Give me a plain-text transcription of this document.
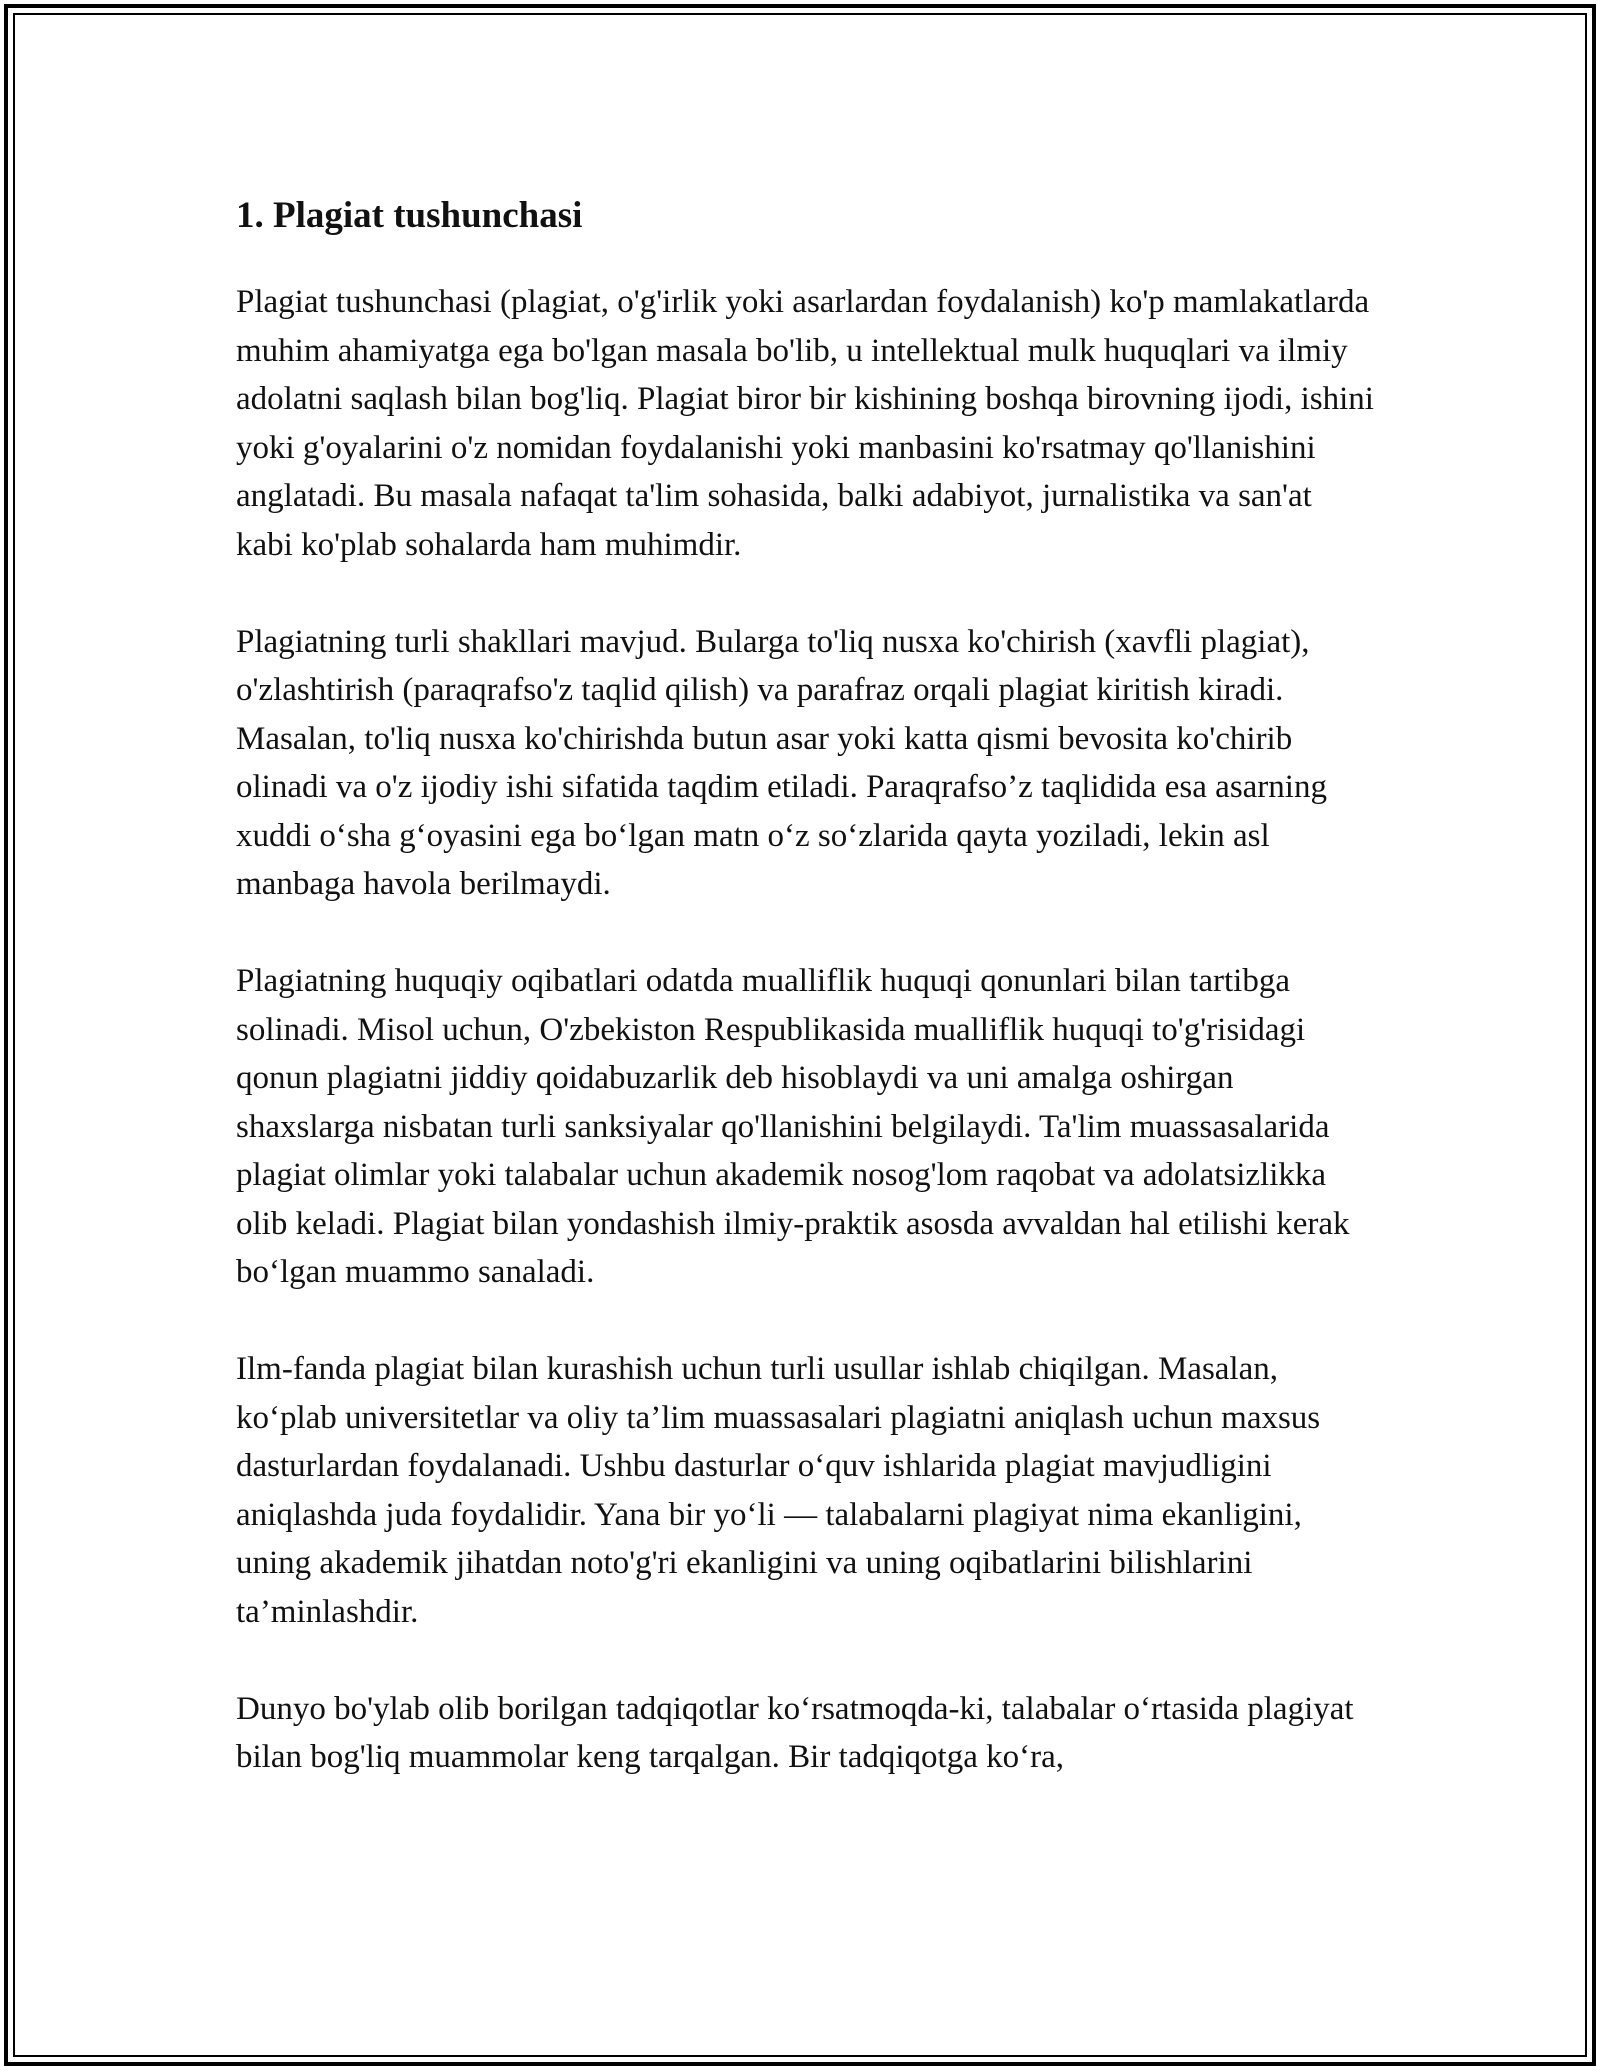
1. Plagiat tushunchasi

Plagiat tushunchasi (plagiat, o'g'irlik yoki asarlardan foydalanish) ko'p mamlakatlarda muhim ahamiyatga ega bo'lgan masala bo'lib, u intellektual mulk huquqlari va ilmiy adolatni saqlash bilan bog'liq. Plagiat biror bir kishining boshqa birovning ijodi, ishini yoki g'oyalarini o'z nomidan foydalanishi yoki manbasini ko'rsatmay qo'llanishini anglatadi. Bu masala nafaqat ta'lim sohasida, balki adabiyot, jurnalistika va san'at kabi ko'plab sohalarda ham muhimdir.

Plagiatning turli shakllari mavjud. Bularga to'liq nusxa ko'chirish (xavfli plagiat), o'zlashtirish (paraqrafso'z taqlid qilish) va parafraz orqali plagiat kiritish kiradi. Masalan, to'liq nusxa ko'chirishda butun asar yoki katta qismi bevosita ko'chirib olinadi va o'z ijodiy ishi sifatida taqdim etiladi. Paraqrafso’z taqlidida esa asarning xuddi o‘sha g‘oyasini ega bo‘lgan matn o‘z so‘zlarida qayta yoziladi, lekin asl manbaga havola berilmaydi.

Plagiatning huquqiy oqibatlari odatda mualliflik huquqi qonunlari bilan tartibga solinadi. Misol uchun, O'zbekiston Respublikasida mualliflik huquqi to'g'risidagi qonun plagiatni jiddiy qoidabuzarlik deb hisoblaydi va uni amalga oshirgan shaxslarga nisbatan turli sanksiyalar qo'llanishini belgilaydi. Ta'lim muassasalarida plagiat olimlar yoki talabalar uchun akademik nosog'lom raqobat va adolatsizlikka olib keladi. Plagiat bilan yondashish ilmiy-praktik asosda avvaldan hal etilishi kerak bo‘lgan muammo sanaladi.

Ilm-fanda plagiat bilan kurashish uchun turli usullar ishlab chiqilgan. Masalan, ko‘plab universitetlar va oliy ta’lim muassasalari plagiatni aniqlash uchun maxsus dasturlardan foydalanadi. Ushbu dasturlar o‘quv ishlarida plagiat mavjudligini aniqlashda juda foydalidir. Yana bir yo‘li — talabalarni plagiyat nima ekanligini, uning akademik jihatdan noto'g'ri ekanligini va uning oqibatlarini bilishlarini ta’minlashdir.

Dunyo bo'ylab olib borilgan tadqiqotlar ko‘rsatmoqda-ki, talabalar o‘rtasida plagiyat bilan bog'liq muammolar keng tarqalgan. Bir tadqiqotga ko‘ra,
